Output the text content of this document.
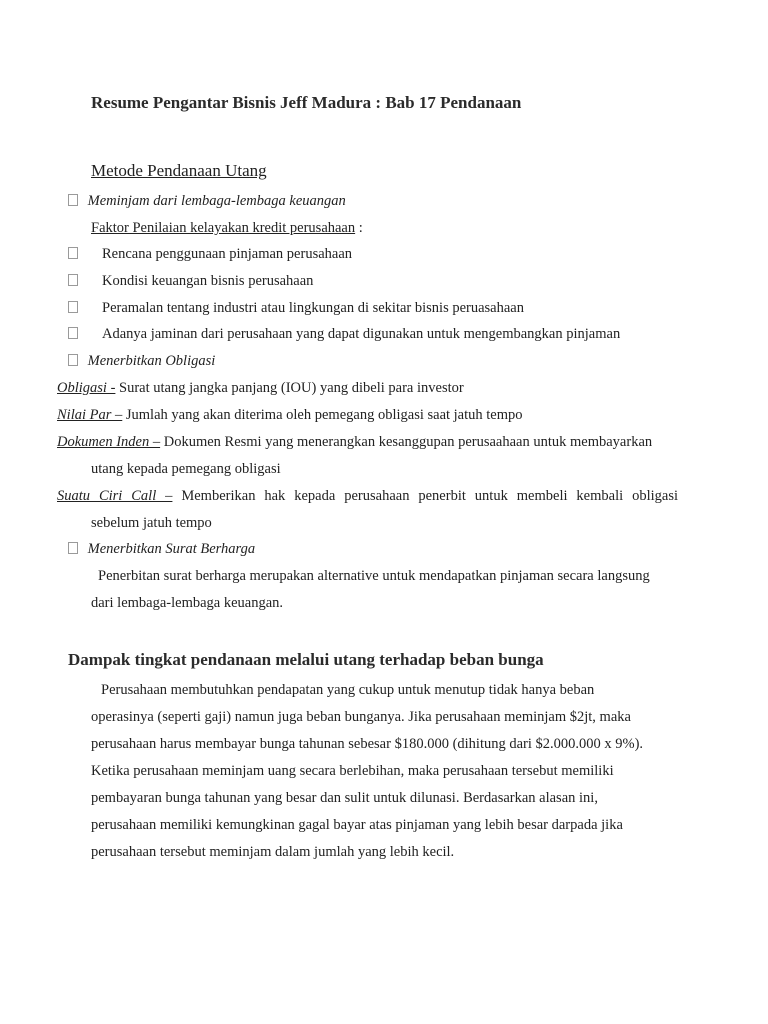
Resume Pengantar Bisnis Jeff Madura : Bab 17 Pendanaan
Metode Pendanaan Utang
Meminjam dari lembaga-lembaga keuangan
Faktor Penilaian kelayakan kredit perusahaan :
Rencana penggunaan pinjaman perusahaan
Kondisi keuangan bisnis perusahaan
Peramalan tentang industri atau lingkungan di sekitar bisnis peruasahaan
Adanya jaminan dari perusahaan yang dapat digunakan untuk mengembangkan pinjaman
Menerbitkan Obligasi
Obligasi - Surat utang jangka panjang (IOU) yang dibeli para investor
Nilai Par – Jumlah yang akan diterima oleh pemegang obligasi saat jatuh tempo
Dokumen Inden – Dokumen Resmi yang menerangkan kesanggupan perusaahaan untuk membayarkan
utang kepada pemegang obligasi
Suatu Ciri Call – Memberikan hak kepada perusahaan penerbit untuk membeli kembali obligasi
sebelum jatuh tempo
Menerbitkan Surat Berharga
Penerbitan surat berharga merupakan alternative untuk mendapatkan pinjaman secara langsung
dari lembaga-lembaga keuangan.
Dampak tingkat pendanaan melalui utang terhadap beban bunga
Perusahaan membutuhkan pendapatan yang cukup untuk menutup tidak hanya beban
operasinya (seperti gaji) namun juga beban bunganya. Jika perusahaan meminjam $2jt, maka
perusahaan harus membayar bunga tahunan sebesar $180.000 (dihitung dari $2.000.000 x 9%).
Ketika perusahaan meminjam uang secara berlebihan, maka perusahaan tersebut memiliki
pembayaran bunga tahunan yang besar dan sulit untuk dilunasi. Berdasarkan alasan ini,
perusahaan memiliki kemungkinan gagal bayar atas pinjaman yang lebih besar darpada jika
perusahaan tersebut meminjam dalam jumlah yang lebih kecil.
